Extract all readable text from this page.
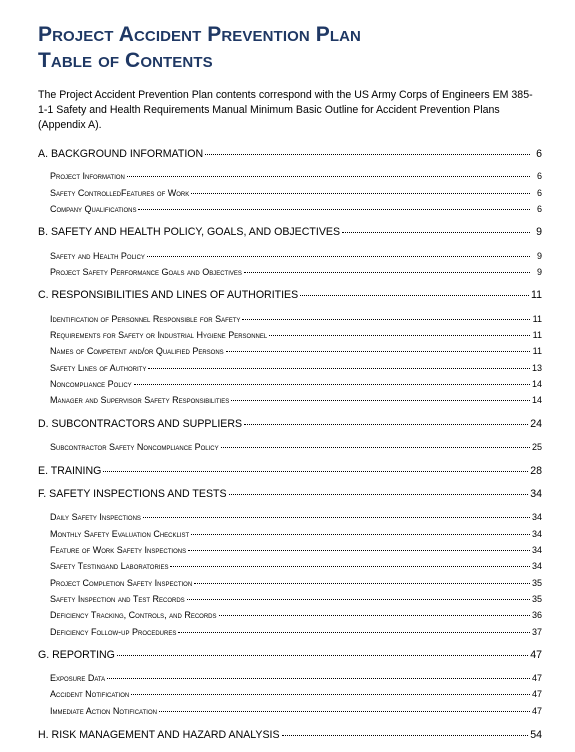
Project Accident Prevention Plan
Table of Contents

The Project Accident Prevention Plan contents correspond with the US Army Corps of Engineers EM 385-1-1 Safety and Health Requirements Manual Minimum Basic Outline for Accident Prevention Plans (Appendix A).

A. BACKGROUND INFORMATION	6
Project Information	6
Safety ControlledFeatures of Work	6
Company Qualifications	6
B. SAFETY AND HEALTH POLICY, GOALS, AND OBJECTIVES	9
Safety and Health Policy	9
Project Safety Performance Goals and Objectives	9
C. RESPONSIBILITIES AND LINES OF AUTHORITIES	11
Identification of Personnel Responsible for Safety	11
Requirements for Safety or Industrial Hygiene Personnel	11
Names of Competent and/or Qualified Persons	11
Safety Lines of Authority	13
Noncompliance Policy	14
Manager and Supervisor Safety Responsibilities	14
D. SUBCONTRACTORS AND SUPPLIERS	24
Subcontractor Safety Noncompliance Policy	25
E. TRAINING	28
F. SAFETY INSPECTIONS AND TESTS	34
Daily Safety Inspections	34
Monthly Safety Evaluation Checklist	34
Feature of Work Safety Inspections	34
Safety Testingand Laboratories	34
Project Completion Safety Inspection	35
Safety Inspection and Test Records	35
Deficiency Tracking, Controls, and Records	36
Deficiency Follow-up Procedures	37
G. REPORTING	47
Exposure Data	47
Accident Notification	47
Immediate Action Notification	47
H. RISK MANAGEMENT AND HAZARD ANALYSIS	54
